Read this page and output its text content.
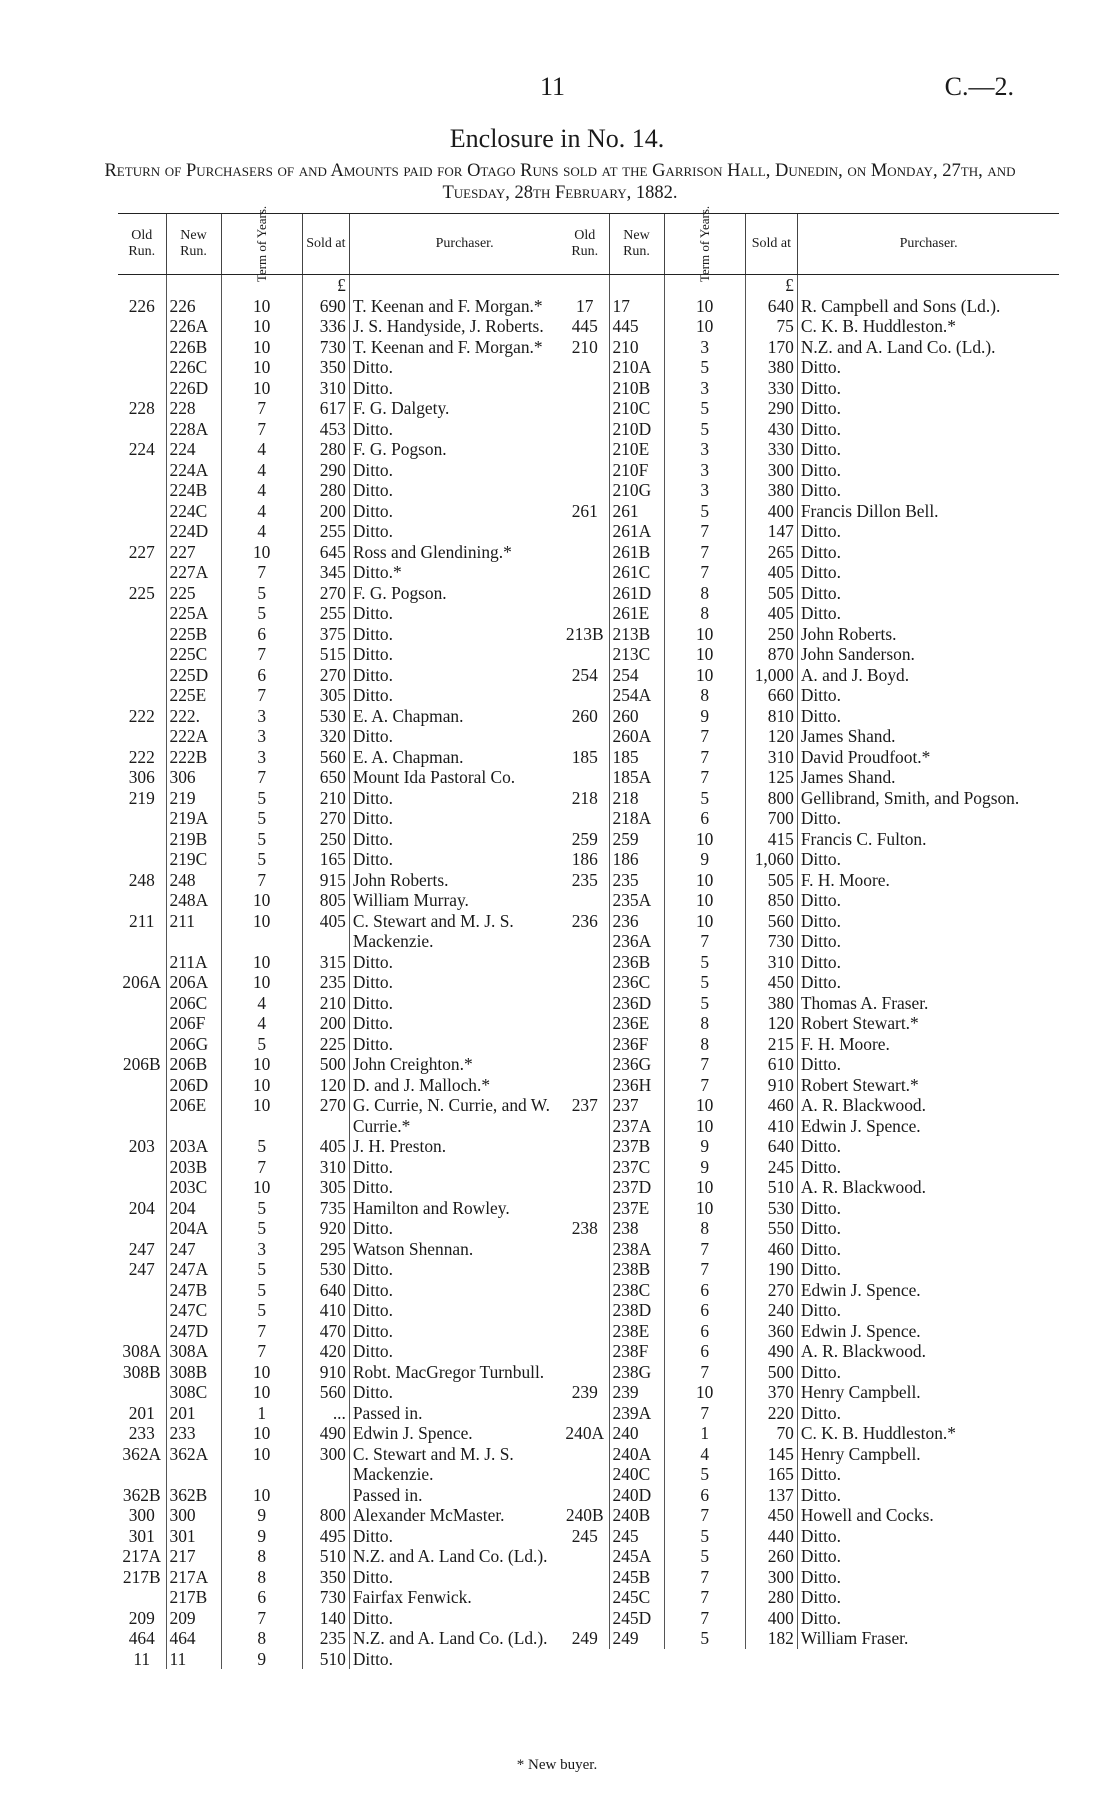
11	C.—2.
Enclosure in No. 14.
Return of Purchasers of and Amounts paid for Otago Runs sold at the Garrison Hall, Dunedin, on Monday, 27th, and Tuesday, 28th February, 1882.
Old Run.	New Run.	Term of Years.	Sold at	Purchaser.
			£	
226	226	10	690	T. Keenan and F. Morgan.*
	226A	10	336	J. S. Handyside, J. Roberts.
	226B	10	730	T. Keenan and F. Morgan.*
	226C	10	350	Ditto.
	226D	10	310	Ditto.
228	228	7	617	F. G. Dalgety.
	228A	7	453	Ditto.
224	224	4	280	F. G. Pogson.
	224A	4	290	Ditto.
	224B	4	280	Ditto.
	224C	4	200	Ditto.
	224D	4	255	Ditto.
227	227	10	645	Ross and Glendining.*
	227A	7	345	Ditto.*
225	225	5	270	F. G. Pogson.
	225A	5	255	Ditto.
	225B	6	375	Ditto.
	225C	7	515	Ditto.
	225D	6	270	Ditto.
	225E	7	305	Ditto.
222	222.	3	530	E. A. Chapman.
	222A	3	320	Ditto.
222	222B	3	560	E. A. Chapman.
306	306	7	650	Mount Ida Pastoral Co.
219	219	5	210	Ditto.
	219A	5	270	Ditto.
	219B	5	250	Ditto.
	219C	5	165	Ditto.
248	248	7	915	John Roberts.
	248A	10	805	William Murray.
211	211	10	405	C. Stewart and M. J. S. Mackenzie.
	211A	10	315	Ditto.
206A	206A	10	235	Ditto.
	206C	4	210	Ditto.
	206F	4	200	Ditto.
	206G	5	225	Ditto.
206B	206B	10	500	John Creighton.*
	206D	10	120	D. and J. Malloch.*
	206E	10	270	G. Currie, N. Currie, and W. Currie.*
203	203A	5	405	J. H. Preston.
	203B	7	310	Ditto.
	203C	10	305	Ditto.
204	204	5	735	Hamilton and Rowley.
	204A	5	920	Ditto.
247	247	3	295	Watson Shennan.
247	247A	5	530	Ditto.
	247B	5	640	Ditto.
	247C	5	410	Ditto.
	247D	7	470	Ditto.
308A	308A	7	420	Ditto.
308B	308B	10	910	Robt. MacGregor Turnbull.
	308C	10	560	Ditto.
201	201	1	...	Passed in.
233	233	10	490	Edwin J. Spence.
362A	362A	10	300	C. Stewart and M. J. S. Mackenzie.
362B	362B	10		Passed in.
300	300	9	800	Alexander McMaster.
301	301	9	495	Ditto.
217A	217	8	510	N.Z. and A. Land Co. (Ld.).
217B	217A	8	350	Ditto.
	217B	6	730	Fairfax Fenwick.
209	209	7	140	Ditto.
464	464	8	235	N.Z. and A. Land Co. (Ld.).
11	11	9	510	Ditto.
Old Run.	New Run.	Term of Years.	Sold at	Purchaser.
			£	
17	17	10	640	R. Campbell and Sons (Ld.).
445	445	10	75	C. K. B. Huddleston.*
210	210	3	170	N.Z. and A. Land Co. (Ld.).
	210A	5	380	Ditto.
	210B	3	330	Ditto.
	210C	5	290	Ditto.
	210D	5	430	Ditto.
	210E	3	330	Ditto.
	210F	3	300	Ditto.
	210G	3	380	Ditto.
261	261	5	400	Francis Dillon Bell.
	261A	7	147	Ditto.
	261B	7	265	Ditto.
	261C	7	405	Ditto.
	261D	8	505	Ditto.
	261E	8	405	Ditto.
213B	213B	10	250	John Roberts.
	213C	10	870	John Sanderson.
254	254	10	1,000	A. and J. Boyd.
	254A	8	660	Ditto.
260	260	9	810	Ditto.
	260A	7	120	James Shand.
185	185	7	310	David Proudfoot.*
	185A	7	125	James Shand.
218	218	5	800	Gellibrand, Smith, and Pogson.
	218A	6	700	Ditto.
259	259	10	415	Francis C. Fulton.
186	186	9	1,060	Ditto.
235	235	10	505	F. H. Moore.
	235A	10	850	Ditto.
236	236	10	560	Ditto.
	236A	7	730	Ditto.
	236B	5	310	Ditto.
	236C	5	450	Ditto.
	236D	5	380	Thomas A. Fraser.
	236E	8	120	Robert Stewart.*
	236F	8	215	F. H. Moore.
	236G	7	610	Ditto.
	236H	7	910	Robert Stewart.*
237	237	10	460	A. R. Blackwood.
	237A	10	410	Edwin J. Spence.
	237B	9	640	Ditto.
	237C	9	245	Ditto.
	237D	10	510	A. R. Blackwood.
	237E	10	530	Ditto.
238	238	8	550	Ditto.
	238A	7	460	Ditto.
	238B	7	190	Ditto.
	238C	6	270	Edwin J. Spence.
	238D	6	240	Ditto.
	238E	6	360	Edwin J. Spence.
	238F	6	490	A. R. Blackwood.
	238G	7	500	Ditto.
239	239	10	370	Henry Campbell.
	239A	7	220	Ditto.
240A	240	1	70	C. K. B. Huddleston.*
	240A	4	145	Henry Campbell.
	240C	5	165	Ditto.
	240D	6	137	Ditto.
240B	240B	7	450	Howell and Cocks.
245	245	5	440	Ditto.
	245A	5	260	Ditto.
	245B	7	300	Ditto.
	245C	7	280	Ditto.
	245D	7	400	Ditto.
249	249	5	182	William Fraser.
* New buyer.
